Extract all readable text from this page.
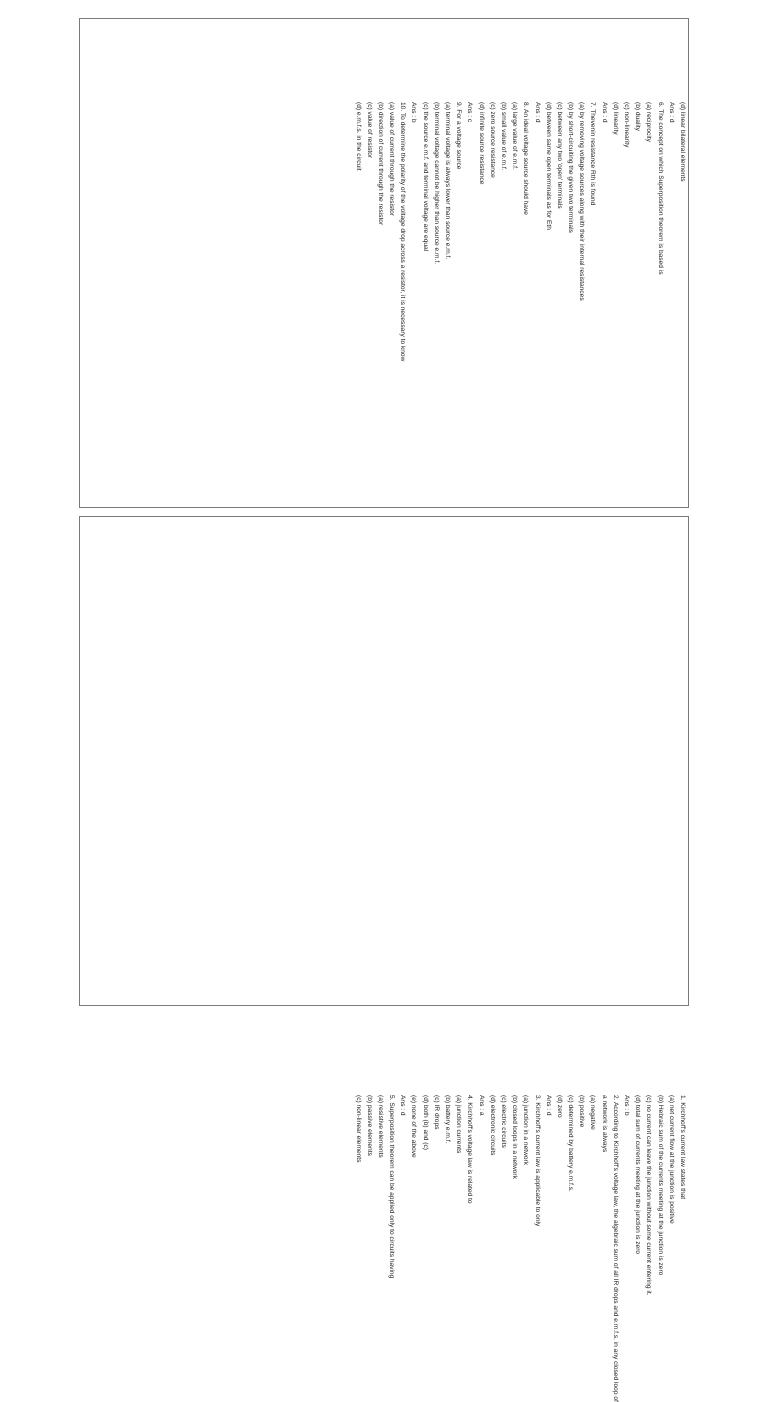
(d) linear bilateral elements
Ans : d
6. The concept on which Superposition theorem is based is
(a) reciprocity
(b) duality
(c) non-linearity
(d) linearity
Ans : d
7. Thevenin resistance Rth is found
(a) by removing voltage sources along with their internal resistances
(b) by short-circuiting the given two terminals
(c) between any two 'open' terminals
(d) between same open terminals as for Eth
Ans : d
8. An ideal voltage source should have
(a) large value of e.m.f.
(b) small value of e.m.f.
(c) zero source resistance
(d) infinite source resistance
Ans : c
9. For a voltage source
(a) terminal voltage is always lower than source e.m.f.
(b) terminal voltage cannot be higher than source e.m.f.
(c) the source e.m.f. and terminal voltage are equal
Ans : b
10. To determine the polarity of the voltage drop across a resistor, it is necessary to know
(a) value of current through the resistor
(b) direction of current through the resistor
(c) value of resistor
(d) e.m.f.s. in the circuit
1. Kirchhoff's current law states that
(a) net current flow at the junction is positive
(b) Hebraic sum of the currents meeting at the junction is zero
(c) no current can leave the junction without some current entering it.
(d) total sum of currents meeting at the junction is zero
Ans : b
2. According to Kirchhoff's voltage law, the algebraic sum of all IR drops and e.m.f.s. in any closed loop of
a network is always
(a) negative
(b) positive
(c) determined by battery e.m.f.s.
(d) zero
Ans : d
3. Kirchhoff's current law is applicable to only
(a) junction in a network
(b) closed loops in a network
(c) electric circuits
(d) electronic circuits
Ans : a
4. Kirchhoff's voltage law is related to
(a) junction currents
(b) battery e.m.f.
(c) IR drops
(d) both (b) and (c)
(e) none of the above
Ans : d
5. Superposition theorem can be applied only to circuits having
(a) resistive elements
(b) passive elements
(c) non-linear elements
